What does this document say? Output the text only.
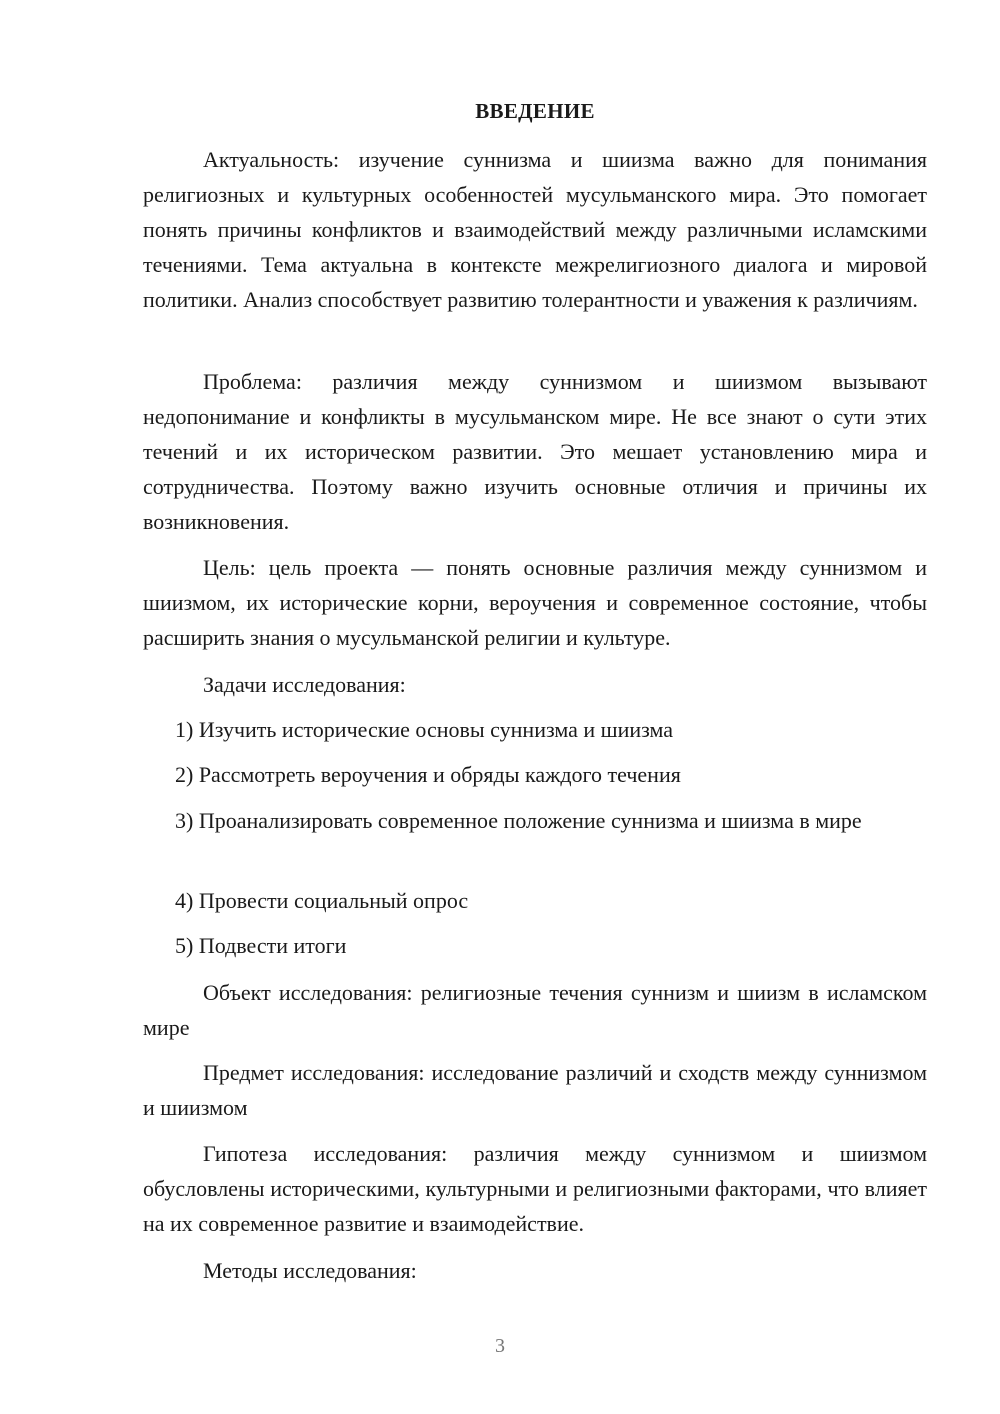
ВВЕДЕНИЕ

Актуальность: изучение суннизма и шиизма важно для понимания религиозных и культурных особенностей мусульманского мира. Это помогает понять причины конфликтов и взаимодействий между различными исламскими течениями. Тема актуальна в контексте межрелигиозного диалога и мировой политики. Анализ способствует развитию толерантности и уважения к различиям.

Проблема: различия между суннизмом и шиизмом вызывают недопонимание и конфликты в мусульманском мире. Не все знают о сути этих течений и их историческом развитии. Это мешает установлению мира и сотрудничества. Поэтому важно изучить основные отличия и причины их возникновения.

Цель: цель проекта — понять основные различия между суннизмом и шиизмом, их исторические корни, вероучения и современное состояние, чтобы расширить знания о мусульманской религии и культуре.

Задачи исследования:

1) Изучить исторические основы суннизма и шиизма

2) Рассмотреть вероучения и обряды каждого течения

3) Проанализировать современное положение суннизма и шиизма в мире

4) Провести социальный опрос

5) Подвести итоги

Объект исследования: религиозные течения суннизм и шиизм в исламском мире

Предмет исследования: исследование различий и сходств между суннизмом и шиизмом

Гипотеза исследования: различия между суннизмом и шиизмом обусловлены историческими, культурными и религиозными факторами, что влияет на их современное развитие и взаимодействие.

Методы исследования:

3
